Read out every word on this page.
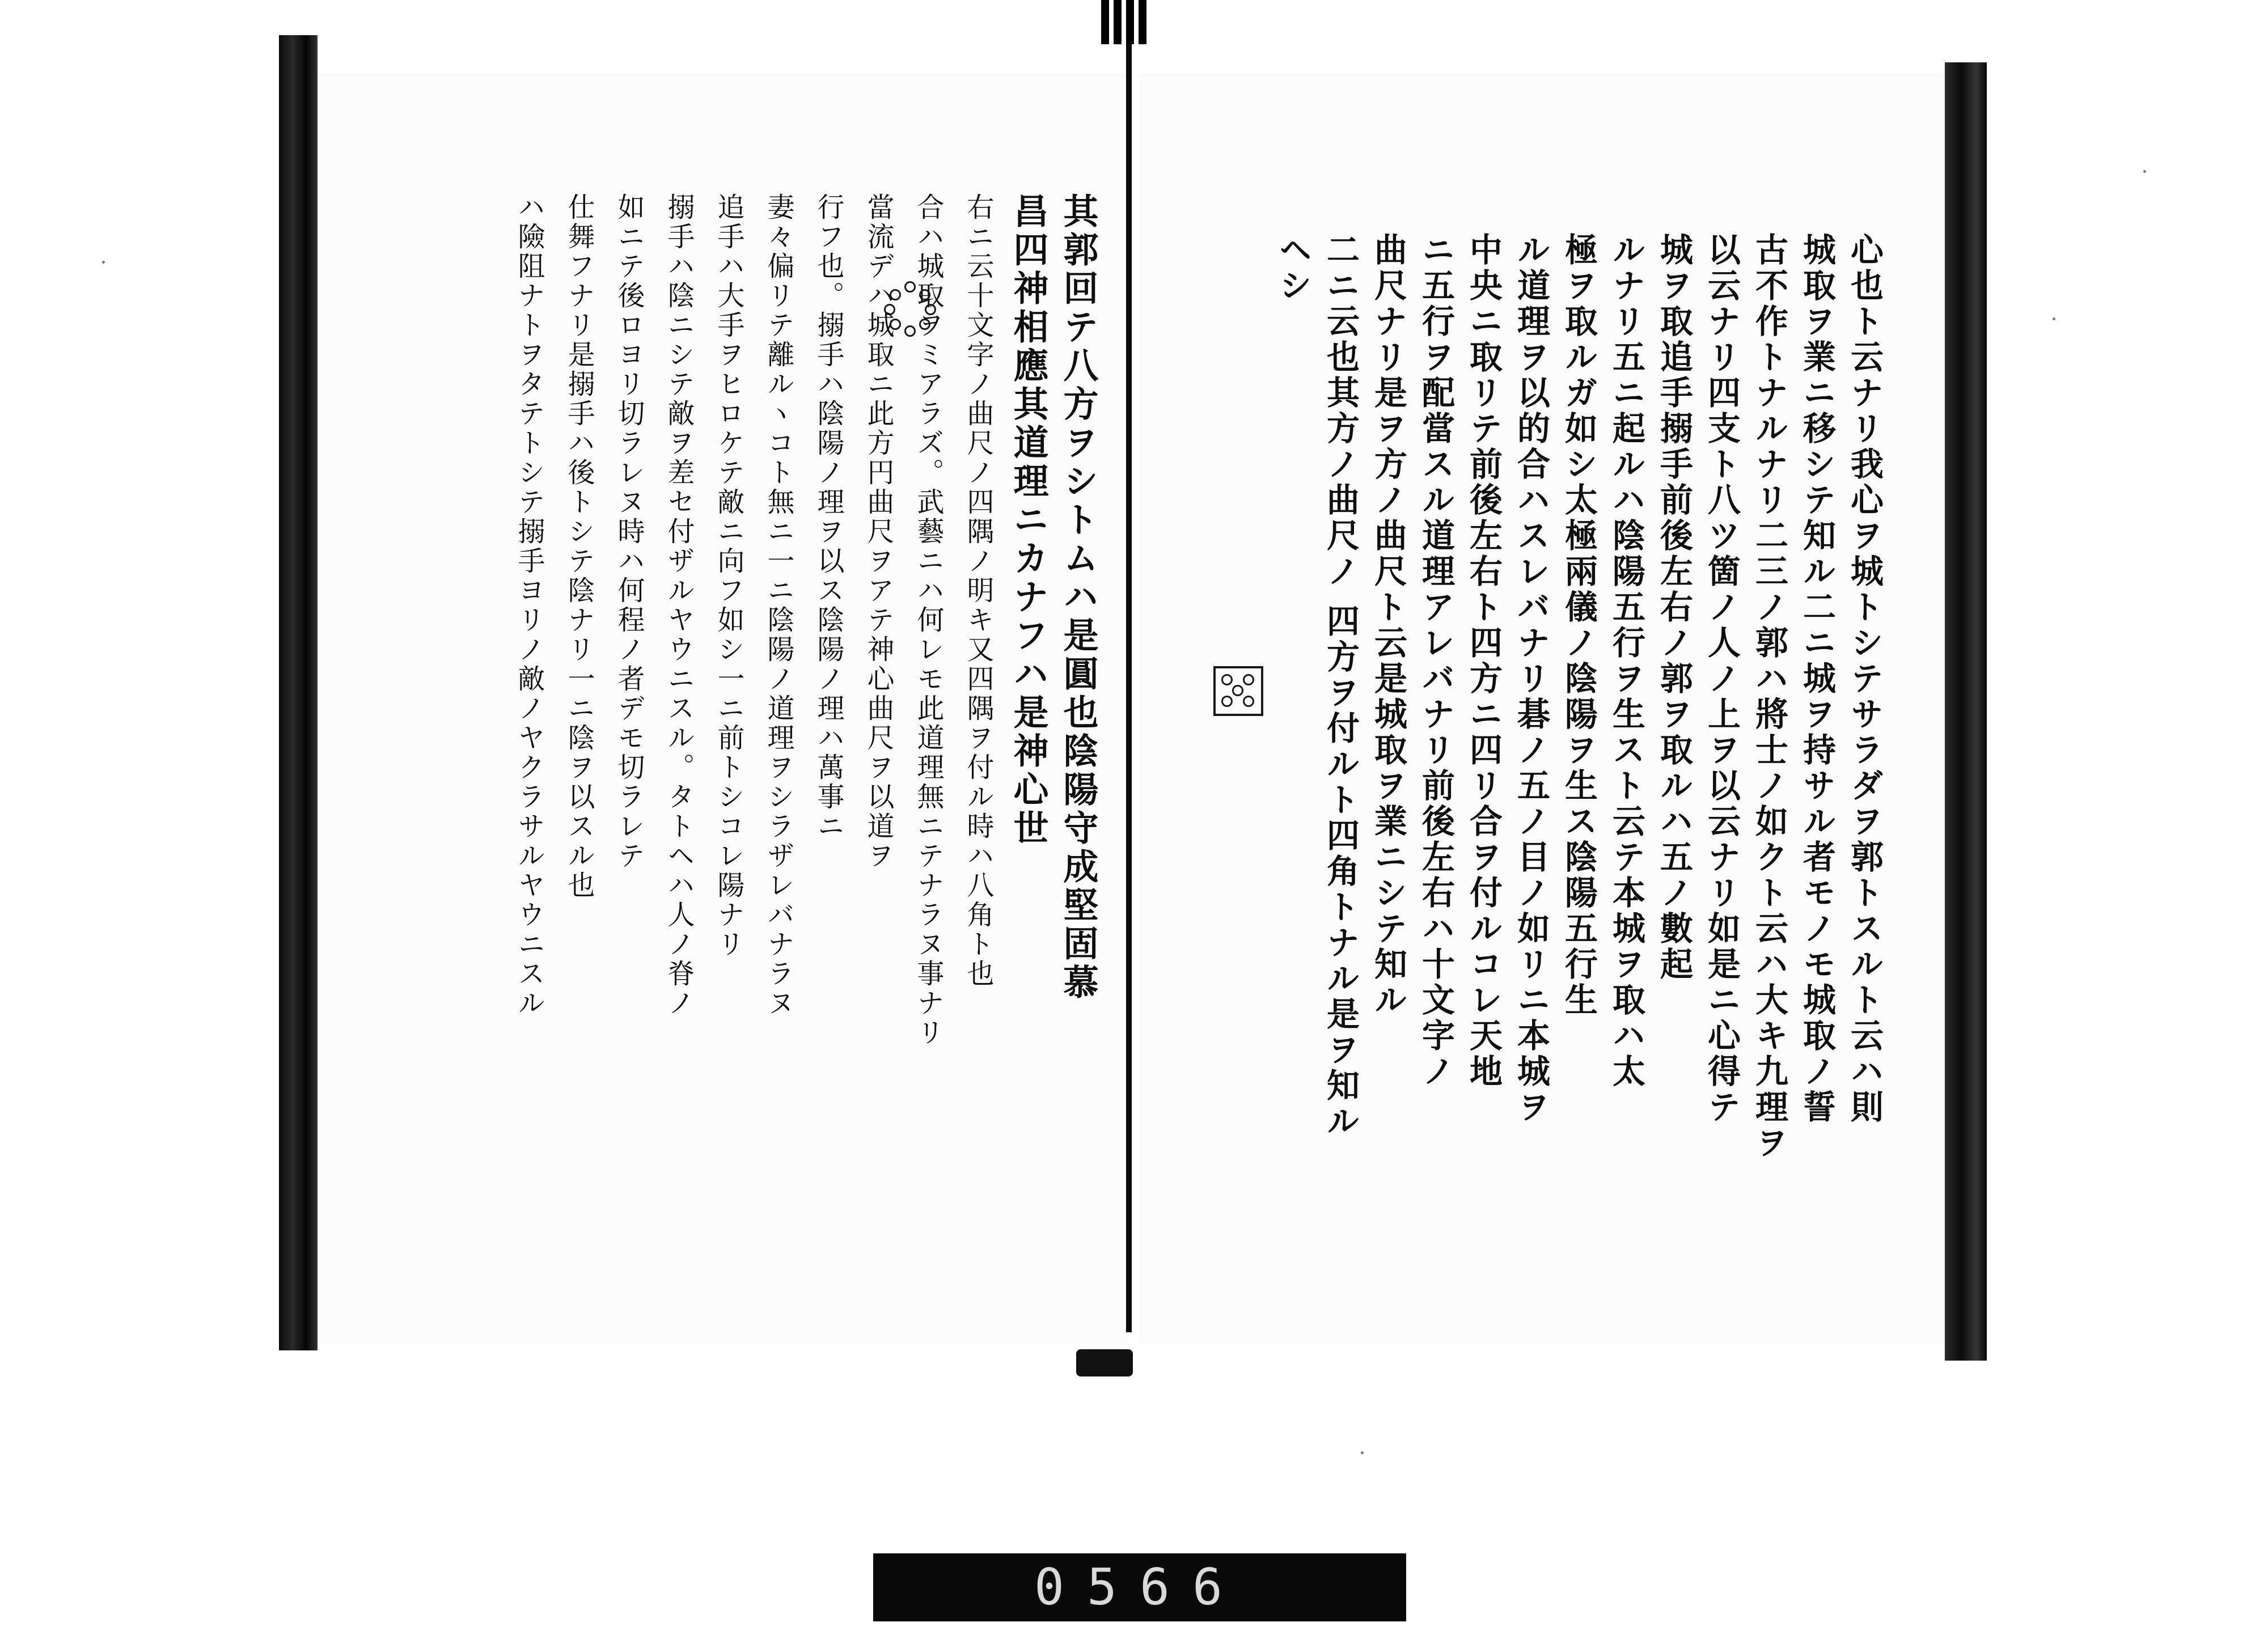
其郭回テ八方ヲシトムハ是圓也陰陽守成堅固慕
昌四神相應其道理ニカナフハ是神心世
右ニ云十文字ノ曲尺ノ四隅ノ明キ又四隅ヲ付ル時ハ八角ト也
合ハ城取ヲミアラズ。武藝ニハ何レモ此道理無ニテナラヌ事ナリ
當流デハ城取ニ此方円曲尺ヲアテ神心曲尺ヲ以道ヲ
行フ也。搦手ハ陰陽ノ理ヲ以ス陰陽ノ理ハ萬事ニ
妻々偏リテ離ルヽコト無ニ一ニ陰陽ノ道理ヲシラザレバナラヌ
追手ハ大手ヲヒロケテ敵ニ向フ如シ一ニ前トシコレ陽ナリ
搦手ハ陰ニシテ敵ヲ差セ付ザルヤウニスル。タトヘハ人ノ脊ノ
如ニテ後ロヨリ切ラレヌ時ハ何程ノ者デモ切ラレテ
仕舞フナリ是搦手ハ後トシテ陰ナリ一ニ陰ヲ以スル也
ハ險阻ナトヲタテトシテ搦手ヨリノ敵ノヤクラサルヤウニスル	心也ト云ナリ我心ヲ城トシテサラダヲ郭トスルト云ハ則
城取ヲ業ニ移シテ知ル二ニ城ヲ持サル者モノモ城取ノ誓
古不作トナルナリ二三ノ郭ハ將士ノ如クト云ハ大キ九理ヲ
以云ナリ四支ト八ツ箇ノ人ノ上ヲ以云ナリ如是ニ心得テ
城ヲ取追手搦手前後左右ノ郭ヲ取ルハ五ノ數起
ルナリ五ニ起ルハ陰陽五行ヲ生スト云テ本城ヲ取ハ太
極ヲ取ルガ如シ太極兩儀ノ陰陽ヲ生ス陰陽五行生
ル道理ヲ以的合ハスレバナリ碁ノ五ノ目ノ如リニ本城ヲ
中央ニ取リテ前後左右ト四方ニ四リ合ヲ付ルコレ天地
ニ五行ヲ配當スル道理アレバナリ前後左右ハ十文字ノ
曲尺ナリ是ヲ方ノ曲尺ト云是城取ヲ業ニシテ知ル
二ニ云也其方ノ曲尺ノ 四方ヲ付ルト四角トナル是ヲ知ル
ヘシ
0566
